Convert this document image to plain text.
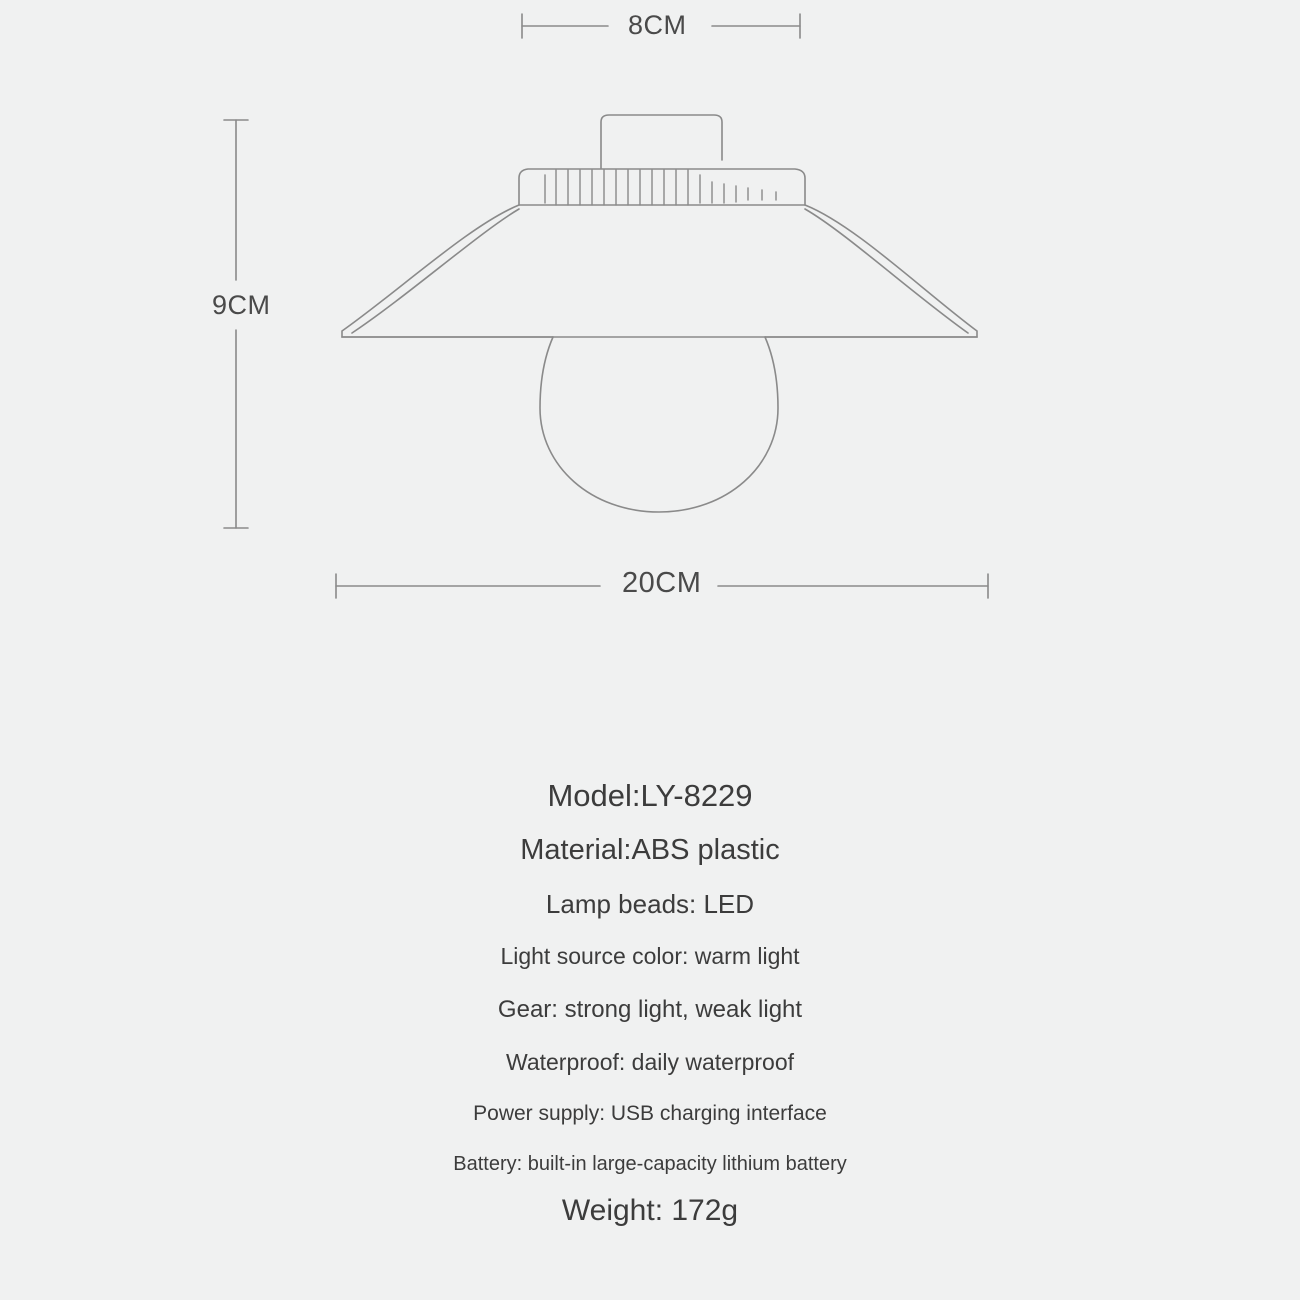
8CM
9CM
20CM
Model:LY-8229
Material:ABS plastic
Lamp beads: LED
Light source color: warm light
Gear: strong light, weak light
Waterproof: daily waterproof
Power supply: USB charging interface
Battery: built-in large-capacity lithium battery
Weight: 172g
